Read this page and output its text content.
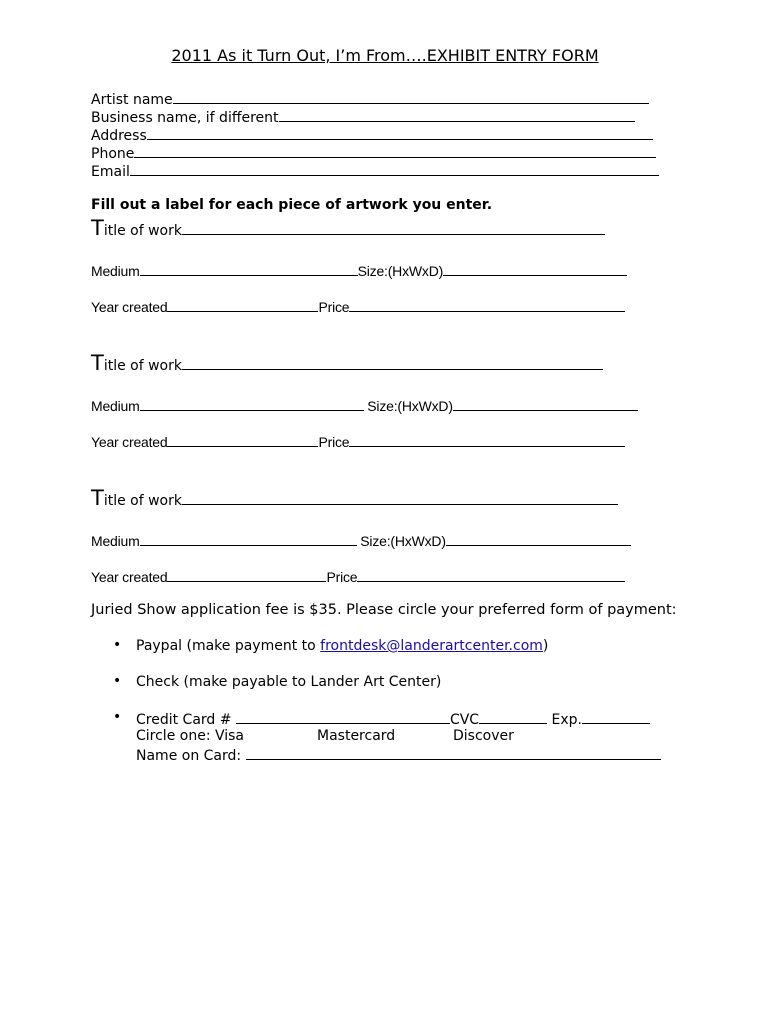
2011 As it Turn Out, I’m From….EXHIBIT ENTRY FORM
Artist name
Business name, if different
Address
Phone
Email
Fill out a label for each piece of artwork you enter.
Title of work
Medium	Size:(HxWxD)
Year created	Price
Title of work
Medium	Size:(HxWxD)
Year created	Price
Title of work
Medium	Size:(HxWxD)
Year created	Price
Juried Show application fee is $35. Please circle your preferred form of payment:
• Paypal (make payment to frontdesk@landerartcenter.com)
• Check (make payable to Lander Art Center)
• Credit Card #	CVC	Exp.
Circle one: Visa	Mastercard	Discover
Name on Card:
